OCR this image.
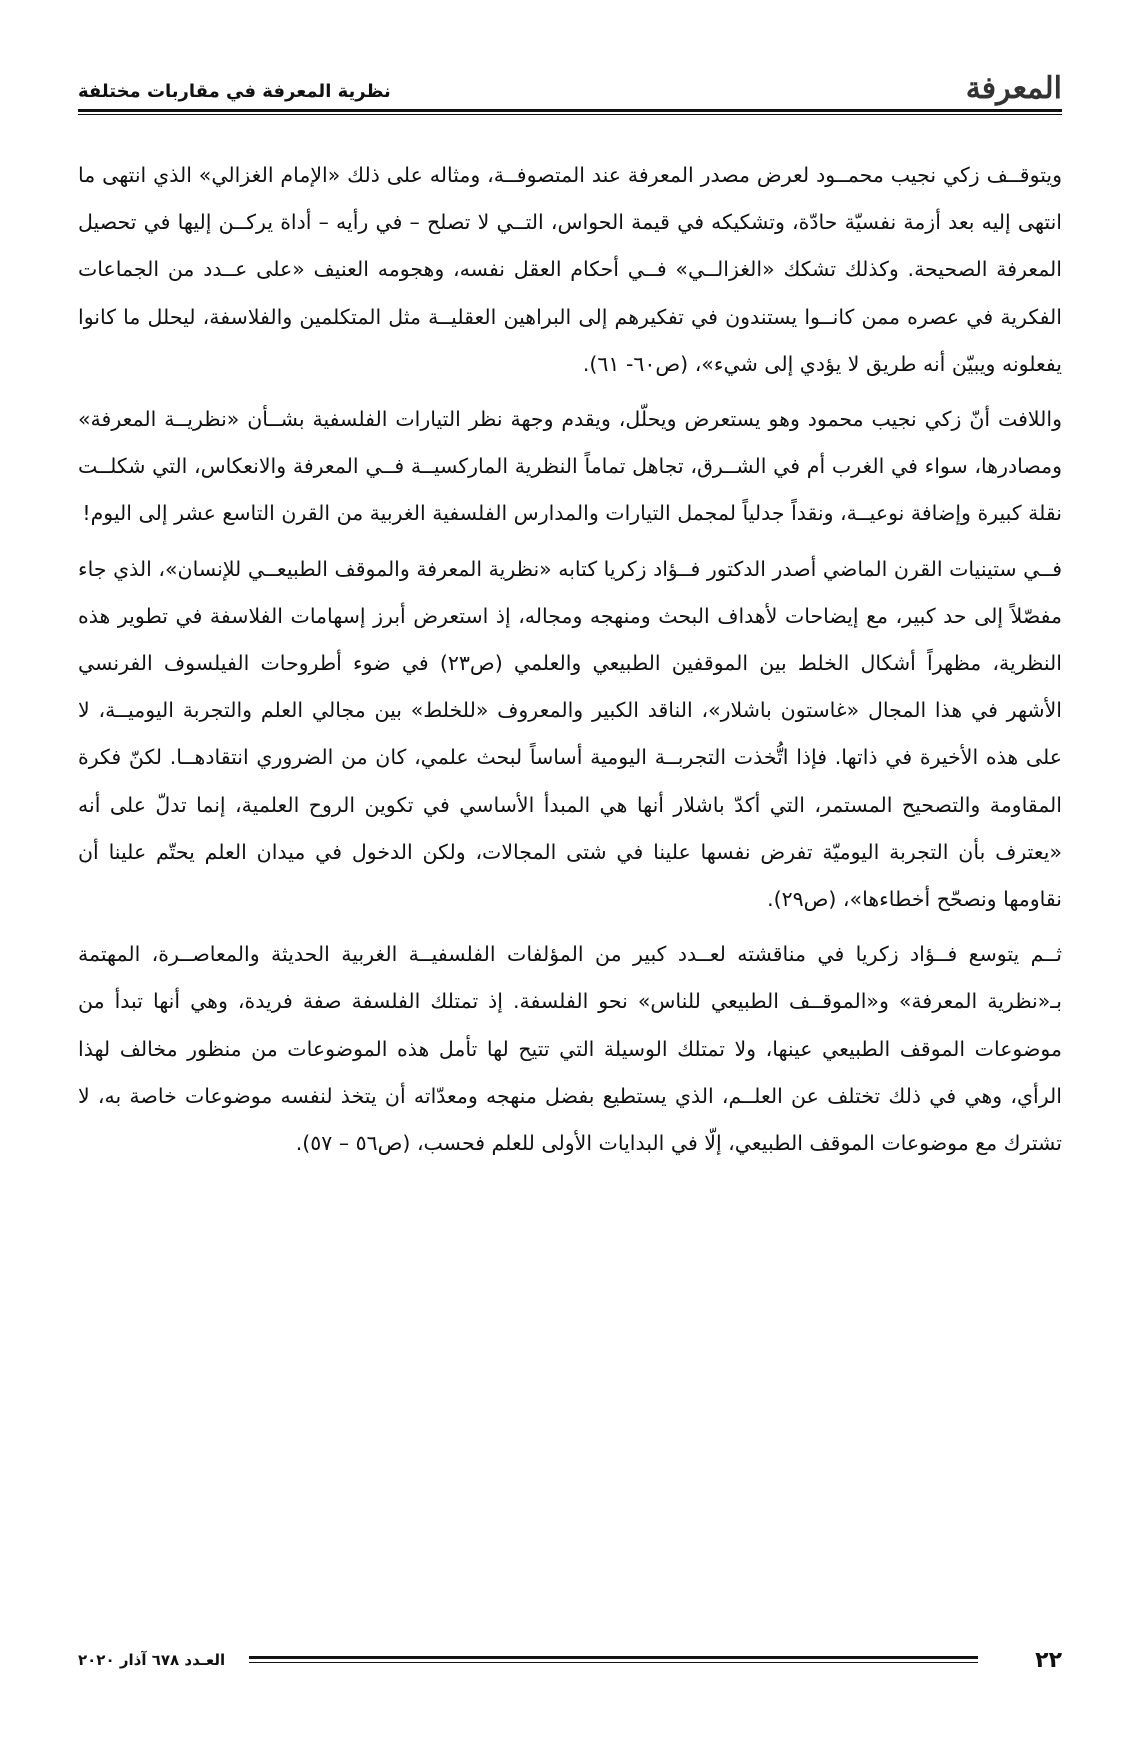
المعرفة
نظرية المعرفة في مقاربات مختلفة

ويتوقــف زكي نجيب محمــود لعرض مصدر المعرفة عند المتصوفــة، ومثاله على ذلك «الإمام الغزالي» الذي انتهى ما انتهى إليه بعد أزمة نفسيّة حادّة، وتشكيكه في قيمة الحواس، التــي لا تصلح – في رأيه – أداة يركــن إليها في تحصيل المعرفة الصحيحة. وكذلك تشكك «الغزالــي» فــي أحكام العقل نفسه، وهجومه العنيف «على عــدد من الجماعات الفكرية في عصره ممن كانــوا يستندون في تفكيرهم إلى البراهين العقليــة مثل المتكلمين والفلاسفة، ليحلل ما كانوا يفعلونه ويبيّن أنه طريق لا يؤدي إلى شيء»، (ص٦٠- ٦١).

واللافت أنّ زكي نجيب محمود وهو يستعرض ويحلّل، ويقدم وجهة نظر التيارات الفلسفية بشــأن «نظريــة المعرفة» ومصادرها، سواء في الغرب أم في الشــرق، تجاهل تماماً النظرية الماركسيــة فــي المعرفة والانعكاس، التي شكلــت نقلة كبيرة وإضافة نوعيــة، ونقداً جدلياً لمجمل التيارات والمدارس الفلسفية الغربية من القرن التاسع عشر إلى اليوم!

فــي ستينيات القرن الماضي أصدر الدكتور فــؤاد زكريا كتابه «نظرية المعرفة والموقف الطبيعــي للإنسان»، الذي جاء مفصّلاً إلى حد كبير، مع إيضاحات لأهداف البحث ومنهجه ومجاله، إذ استعرض أبرز إسهامات الفلاسفة في تطوير هذه النظرية، مظهراً أشكال الخلط بين الموقفين الطبيعي والعلمي (ص٢٣) في ضوء أطروحات الفيلسوف الفرنسي الأشهر في هذا المجال «غاستون باشلار»، الناقد الكبير والمعروف «للخلط» بين مجالي العلم والتجربة اليوميــة، لا على هذه الأخيرة في ذاتها. فإذا اتُّخذت التجربــة اليومية أساساً لبحث علمي، كان من الضروري انتقادهــا. لكنّ فكرة المقاومة والتصحيح المستمر، التي أكدّ باشلار أنها هي المبدأ الأساسي في تكوين الروح العلمية، إنما تدلّ على أنه «يعترف بأن التجربة اليوميّة تفرض نفسها علينا في شتى المجالات، ولكن الدخول في ميدان العلم يحتّم علينا أن نقاومها ونصحّح أخطاءها»، (ص٢٩).

ثــم يتوسع فــؤاد زكريا في مناقشته لعــدد كبير من المؤلفات الفلسفيــة الغربية الحديثة والمعاصــرة، المهتمة بـ«نظرية المعرفة» و«الموقــف الطبيعي للناس» نحو الفلسفة. إذ تمتلك الفلسفة صفة فريدة، وهي أنها تبدأ من موضوعات الموقف الطبيعي عينها، ولا تمتلك الوسيلة التي تتيح لها تأمل هذه الموضوعات من منظور مخالف لهذا الرأي، وهي في ذلك تختلف عن العلــم، الذي يستطيع بفضل منهجه ومعدّاته أن يتخذ لنفسه موضوعات خاصة به، لا تشترك مع موضوعات الموقف الطبيعي، إلّا في البدايات الأولى للعلم فحسب، (ص٥٦ – ٥٧).

٢٢
العـدد ٦٧٨ آذار ٢٠٢٠
